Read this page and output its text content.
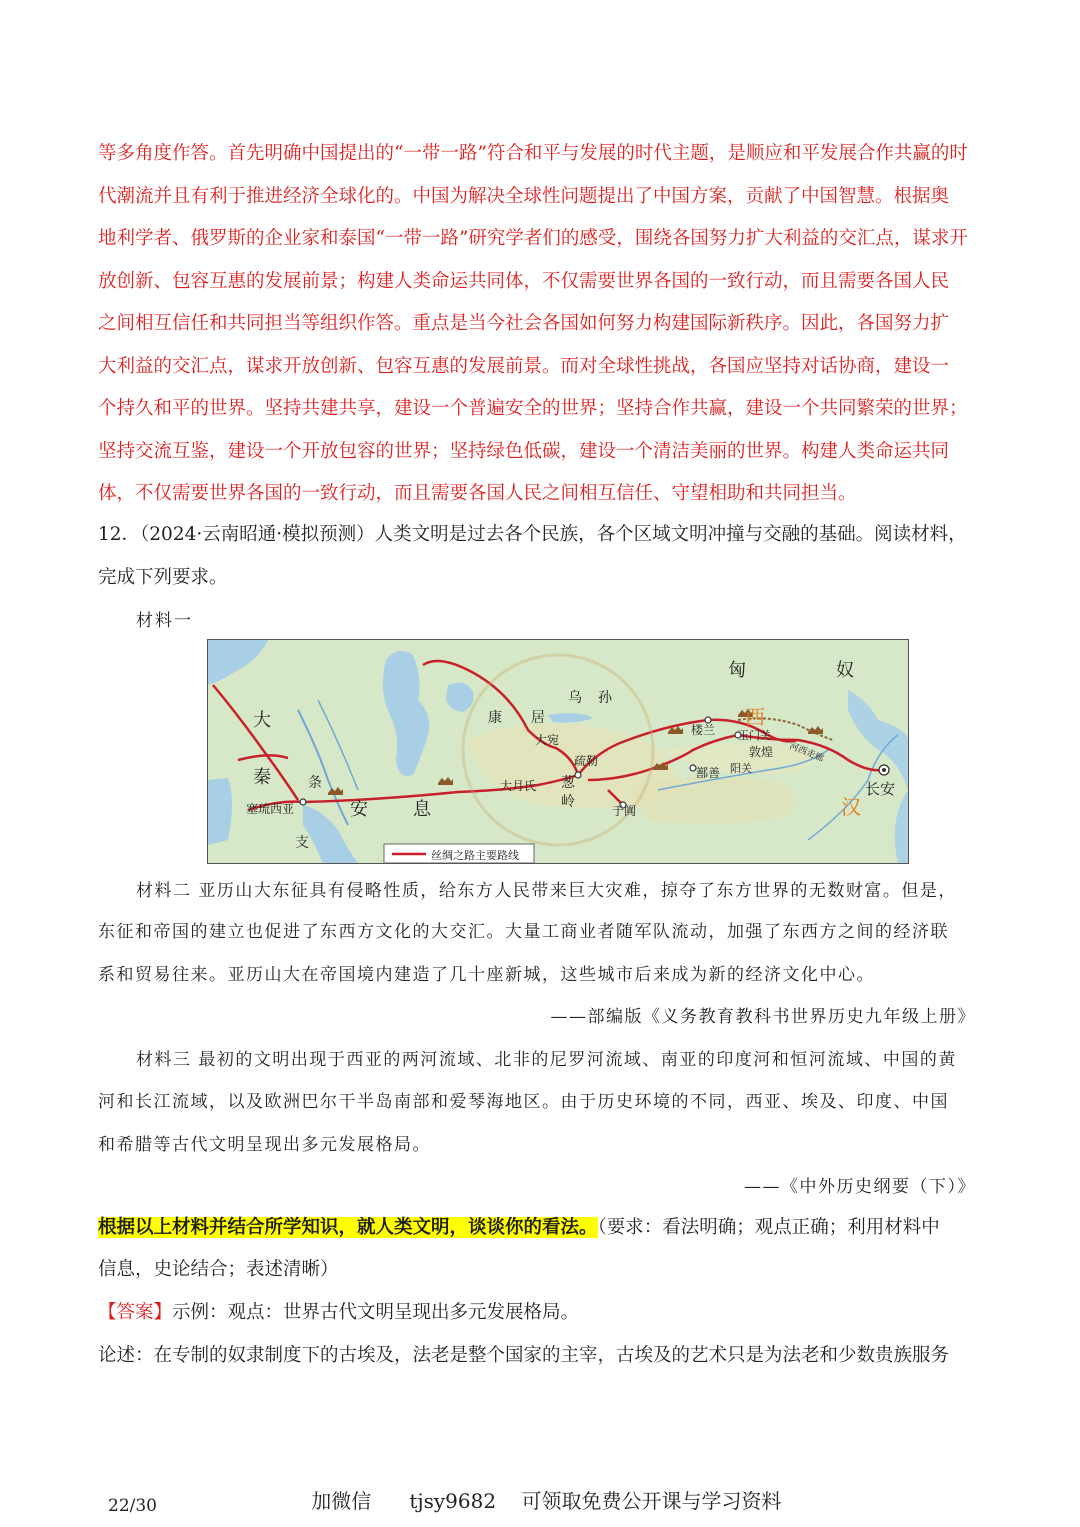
等多角度作答。首先明确中国提出的“一带一路”符合和平与发展的时代主题，是顺应和平发展合作共赢的时
代潮流并且有利于推进经济全球化的。中国为解决全球性问题提出了中国方案，贡献了中国智慧。根据奥
地利学者、俄罗斯的企业家和泰国“一带一路”研究学者们的感受，围绕各国努力扩大利益的交汇点，谋求开
放创新、包容互惠的发展前景；构建人类命运共同体，不仅需要世界各国的一致行动，而且需要各国人民
之间相互信任和共同担当等组织作答。重点是当今社会各国如何努力构建国际新秩序。因此，各国努力扩
大利益的交汇点，谋求开放创新、包容互惠的发展前景。而对全球性挑战，各国应坚持对话协商，建设一
个持久和平的世界。坚持共建共享，建设一个普遍安全的世界；坚持合作共赢，建设一个共同繁荣的世界；
坚持交流互鉴，建设一个开放包容的世界；坚持绿色低碳，建设一个清洁美丽的世界。构建人类命运共同
体，不仅需要世界各国的一致行动，而且需要各国人民之间相互信任、守望相助和共同担当。
12．（2024·云南昭通·模拟预测）人类文明是过去各个民族，各个区域文明冲撞与交融的基础。阅读材料，
完成下列要求。
材料一
匈	奴
西
汉
大
秦
安	息
条
支
康 居
乌 孙
大宛
疏勒
葱
岭
大月氏
楼兰 玉门关
敦煌
阳关
鄯善
于阗
河西走廊
长安
塞琉西亚
丝绸之路主要路线
材料二 亚历山大东征具有侵略性质，给东方人民带来巨大灾难，掠夺了东方世界的无数财富。但是，
东征和帝国的建立也促进了东西方文化的大交汇。大量工商业者随军队流动，加强了东西方之间的经济联
系和贸易往来。亚历山大在帝国境内建造了几十座新城，这些城市后来成为新的经济文化中心。
——部编版《义务教育教科书世界历史九年级上册》
材料三 最初的文明出现于西亚的两河流域、北非的尼罗河流域、南亚的印度河和恒河流域、中国的黄
河和长江流域，以及欧洲巴尔干半岛南部和爱琴海地区。由于历史环境的不同，西亚、埃及、印度、中国
和希腊等古代文明呈现出多元发展格局。
——《中外历史纲要（下）》
根据以上材料并结合所学知识，就人类文明，谈谈你的看法。（要求：看法明确；观点正确；利用材料中
信息，史论结合；表述清晰）
【答案】示例：观点：世界古代文明呈现出多元发展格局。
论述：在专制的奴隶制度下的古埃及，法老是整个国家的主宰，古埃及的艺术只是为法老和少数贵族服务

加微信 tjsy9682 可领取免费公开课与学习资料

22/30
